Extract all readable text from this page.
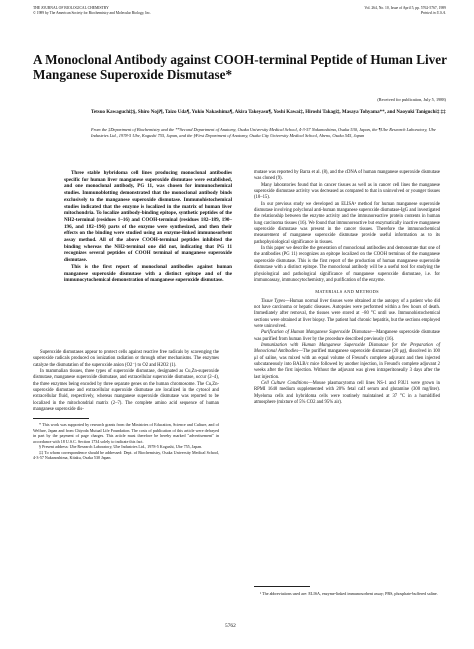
THE JOURNAL OF BIOLOGICAL CHEMISTRY
© 1989 by The American Society for Biochemistry and Molecular Biology, Inc.
Vol. 264, No. 10, Issue of April 5, pp. 5762-5767, 1989
Printed in U.S.A.
A Monoclonal Antibody against COOH-terminal Peptide of Human Liver Manganese Superoxide Dismutase*
(Received for publication, July 5, 1988)
Tetsuo Kawaguchi‡§, Shiro Noji¶, Taizo Uda¶, Yukio Nakashima¶, Akira Takeyasu¶, Yoshi Kawai‡, Hiroshi Takagi‡, Masaya Tohyama**, and Naoyuki Taniguchi‡ ‡‡
From the ‡Department of Biochemistry and the **Second Department of Anatomy, Osaka University Medical School, 4-3-57 Nakanoshima, Osaka 530, Japan, the ¶Ube Research Laboratory, Ube Industries Ltd., 1978-5 Ube, Kogushi 755, Japan, and the §First Department of Anatomy, Osaka City University Medical School, Abeno, Osaka 545, Japan

Three stable hybridoma cell lines producing monoclonal antibodies specific for human liver manganese superoxide dismutase were established, and one monoclonal antibody, PG 11, was chosen for immunochemical studies. Immunoblotting demonstrated that the monoclonal antibody binds exclusively to the manganese superoxide dismutase. Immunohistochemical studies indicated that the enzyme is localized in the matrix of human liver mitochondria. To localize antibody-binding epitope, synthetic peptides of the NH2-terminal (residues 1–16) and COOH-terminal (residues 182–189, 190–196, and 182–196) parts of the enzyme were synthesized, and then their effects on the binding were studied using an enzyme-linked immunosorbent assay method. All of the above COOH-terminal peptides inhibited the binding whereas the NH2-terminal one did not, indicating that PG 11 recognizes several peptides of COOH terminal of manganese superoxide dismutase.

This is the first report of monoclonal antibodies against human manganese superoxide dismutase with a distinct epitope and of the immunocytochemical demonstration of manganese superoxide dismutase.

Superoxide dismutases appear to protect cells against reactive free radicals by scavenging the superoxide radicals produced on ionization radiation or through other mechanisms. The enzymes catalyze the dismutation of the superoxide anion (O2⁻) to O2 and H2O2 (1).

In mammalian tissues, three types of superoxide dismutase, designated as Cu,Zn-superoxide dismutase, manganese superoxide dismutase, and extracellular superoxide dismutase, occur (2–4), the three enzymes being encoded by three separate genes on the human chromosome. The Cu,Zn-superoxide dismutase and extracellular superoxide dismutase are localized in the cytosol and extracellular fluid, respectively, whereas manganese superoxide dismutase was reported to be localized in the mitochondrial matrix (2–7). The complete amino acid sequence of human manganese superoxide dis-

* This work was supported by research grants from the Ministries of Education, Science and Culture, and of Welfare, Japan and from Chiyoda Mutual Life Foundation. The costs of publication of this article were defrayed in part by the payment of page charges. This article must therefore be hereby marked "advertisement" in accordance with 18 U.S.C. Section 1734 solely to indicate this fact.

§ Present address: Ube Research Laboratory, Ube Industries Ltd., 1978-5 Kogushi, Ube 755, Japan.

‡‡ To whom correspondence should be addressed: Dept. of Biochemistry, Osaka University Medical School, 4-3-57 Nakanoshima, Kitaku, Osaka 530 Japan.

mutase was reported by Barra et al. (8), and the cDNA of human manganese superoxide dismutase was cloned (9).

Many laboratories found that in cancer tissues as well as in cancer cell lines the manganese superoxide dismutase activity was decreased as compared to that in uninvolved or younger tissues (10–15).

In our previous study we developed an ELISA¹ method for human manganese superoxide dismutase involving polyclonal anti-human manganese superoxide dismutase-IgG and investigated the relationship between the enzyme activity and the immunoreactive protein contents in human lung carcinoma tissues (16). We found that immunoreactive but enzymatically inactive manganese superoxide dismutase was present in the cancer tissues. Therefore the immunochemical measurement of manganese superoxide dismutase provide useful information as to its pathophysiological significance in tissues.

In this paper we describe the generation of monoclonal antibodies and demonstrate that one of the antibodies (PG 11) recognizes an epitope localized on the COOH terminus of the manganese superoxide dismutase. This is the first report of the production of human manganese superoxide dismutase with a distinct epitope. The monoclonal antibody will be a useful tool for studying the physiological and pathological significance of manganese superoxide dismutase, i.e. for immunoassay, immunocytochemistry, and purification of the enzyme.

MATERIALS AND METHODS

Tissue Types—Human normal liver tissues were obtained at the autopsy of a patient who did not have carcinoma or hepatic diseases. Autopsies were performed within a few hours of death. Immediately after removal, the tissues were stored at −80 °C until use. Immunohistochemical sections were obtained at liver biopsy. The patient had chronic hepatitis, but the sections employed were uninvolved.

Purification of Human Manganese Superoxide Dismutase—Manganese superoxide dismutase was purified from human liver by the procedure described previously (16).

Immunization with Human Manganese Superoxide Dismutase for the Preparation of Monoclonal Antibodies—The purified manganese superoxide dismutase (20 μg), dissolved in 100 μl of saline, was mixed with an equal volume of Freund's complete adjuvant and then injected subcutaneously into BALB/c mice followed by another injection, in Freund's complete adjuvant 2 weeks after the first injection. Without the adjuvant was given intraperitoneally 3 days after the last injection.

Cell Culture Conditions—Mouse plasmacytoma cell lines NS-1 and P3U1 were grown in RPMI 1640 medium supplemented with 20% fetal calf serum and glutamine (300 mg/liter). Myeloma cells and hybridoma cells were routinely maintained at 37 °C in a humidified atmosphere (mixture of 5% CO2 and 95% air).

¹ The abbreviations used are: ELISA, enzyme-linked immunosorbent assay; PBS, phosphate-buffered saline.

5762
